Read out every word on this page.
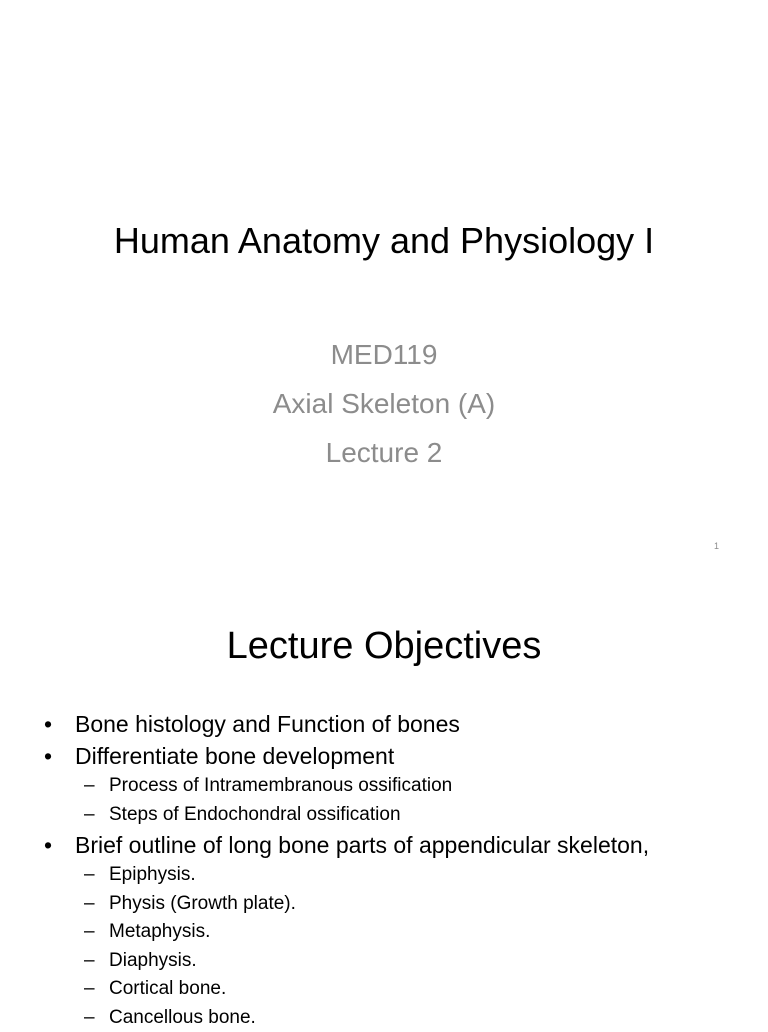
Human Anatomy and Physiology I
MED119
Axial Skeleton (A)
Lecture 2
1
Lecture Objectives
• Bone histology and Function of bones
• Differentiate bone development
– Process of Intramembranous ossification
– Steps of Endochondral ossification
• Brief outline of long bone parts of appendicular skeleton,
– Epiphysis.
– Physis (Growth plate).
– Metaphysis.
– Diaphysis.
– Cortical bone.
– Cancellous bone.
